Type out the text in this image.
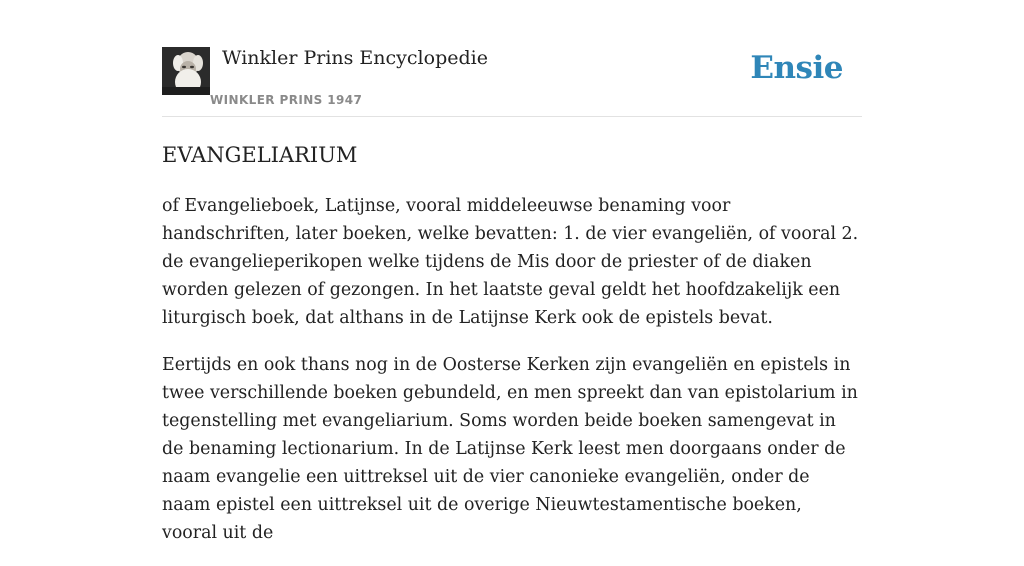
Winkler Prins Encyclopedie
WINKLER PRINS 1947
Ensie
EVANGELIARIUM

of Evangelieboek, Latijnse, vooral middeleeuwse benaming voor handschriften, later boeken, welke bevatten: 1. de vier evangeliën, of vooral 2. de evangelieperikopen welke tijdens de Mis door de priester of de diaken worden gelezen of gezongen. In het laatste geval geldt het hoofdzakelijk een liturgisch boek, dat althans in de Latijnse Kerk ook de epistels bevat.

Eertijds en ook thans nog in de Oosterse Kerken zijn evangeliën en epistels in twee verschillende boeken gebundeld, en men spreekt dan van epistolarium in tegenstelling met evangeliarium. Soms worden beide boeken samengevat in de benaming lectionarium. In de Latijnse Kerk leest men doorgaans onder de naam evangelie een uittreksel uit de vier canonieke evangeliën, onder de naam epistel een uittreksel uit de overige Nieuwtestamentische boeken, vooral uit de
